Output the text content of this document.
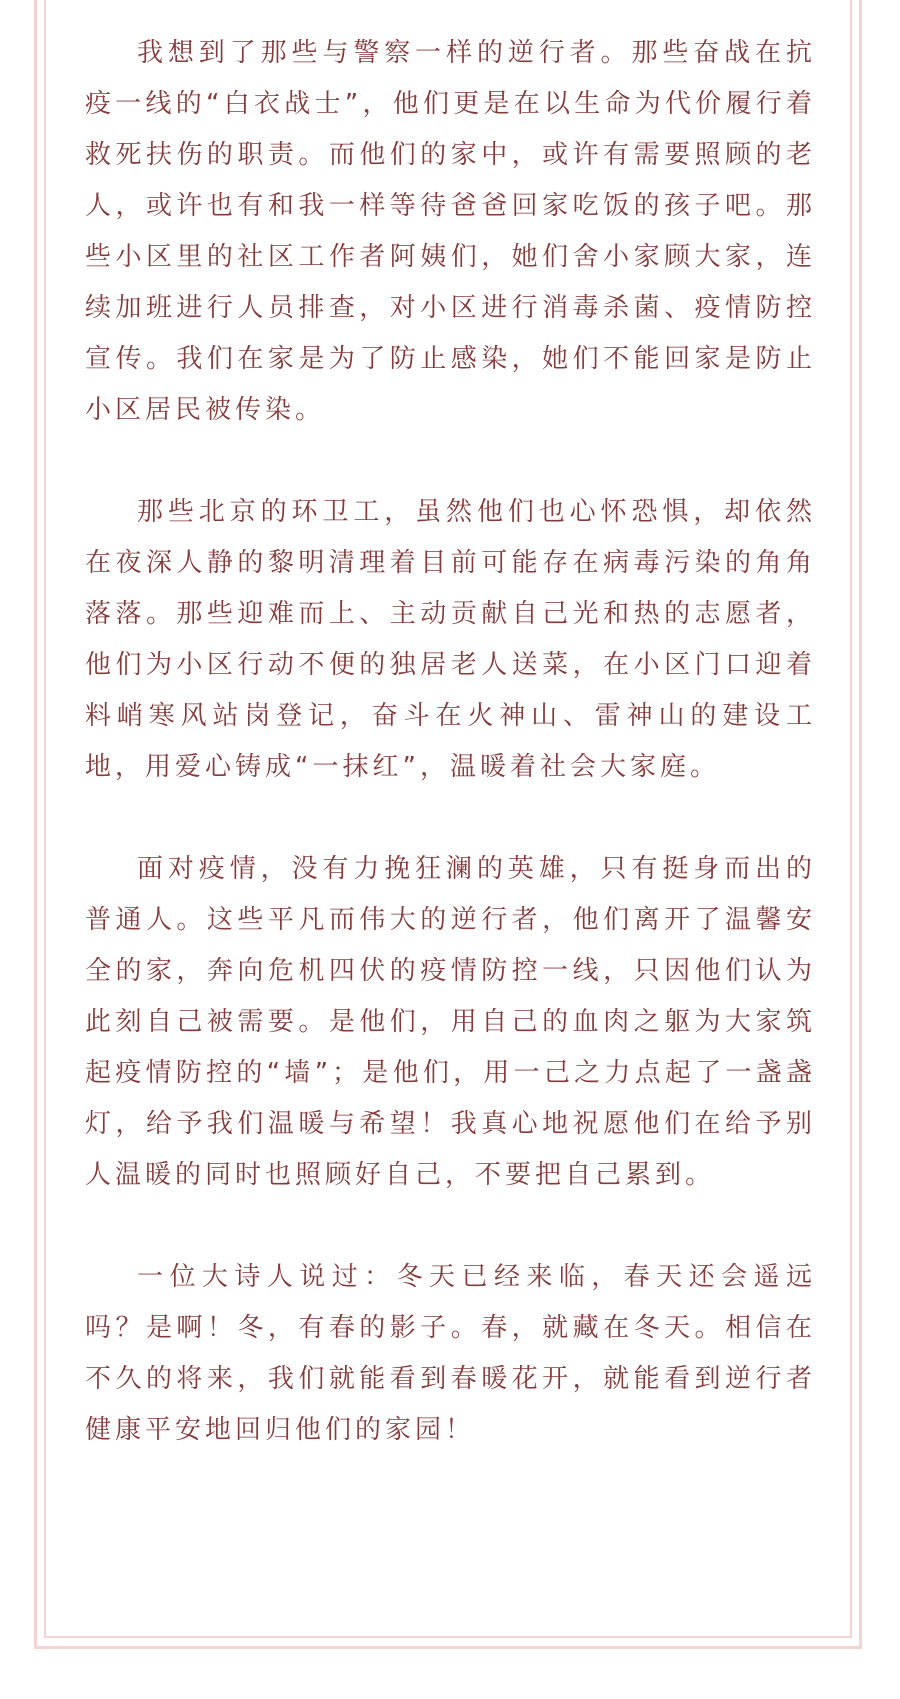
我想到了那些与警察一样的逆行者。那些奋战在抗疫一线的“白衣战士”，他们更是在以生命为代价履行着救死扶伤的职责。而他们的家中，或许有需要照顾的老人，或许也有和我一样等待爸爸回家吃饭的孩子吧。那些小区里的社区工作者阿姨们，她们舍小家顾大家，连续加班进行人员排查，对小区进行消毒杀菌、疫情防控宣传。我们在家是为了防止感染，她们不能回家是防止小区居民被传染。

那些北京的环卫工，虽然他们也心怀恐惧，却依然在夜深人静的黎明清理着目前可能存在病毒污染的角角落落。那些迎难而上、主动贡献自己光和热的志愿者，他们为小区行动不便的独居老人送菜，在小区门口迎着料峭寒风站岗登记，奋斗在火神山、雷神山的建设工地，用爱心铸成“一抹红”，温暖着社会大家庭。

面对疫情，没有力挽狂澜的英雄，只有挺身而出的普通人。这些平凡而伟大的逆行者，他们离开了温馨安全的家，奔向危机四伏的疫情防控一线，只因他们认为此刻自己被需要。是他们，用自己的血肉之躯为大家筑起疫情防控的“墙”；是他们，用一己之力点起了一盏盏灯，给予我们温暖与希望！我真心地祝愿他们在给予别人温暖的同时也照顾好自己，不要把自己累到。

一位大诗人说过：冬天已经来临，春天还会遥远吗？是啊！冬，有春的影子。春，就藏在冬天。相信在不久的将来，我们就能看到春暖花开，就能看到逆行者健康平安地回归他们的家园！
